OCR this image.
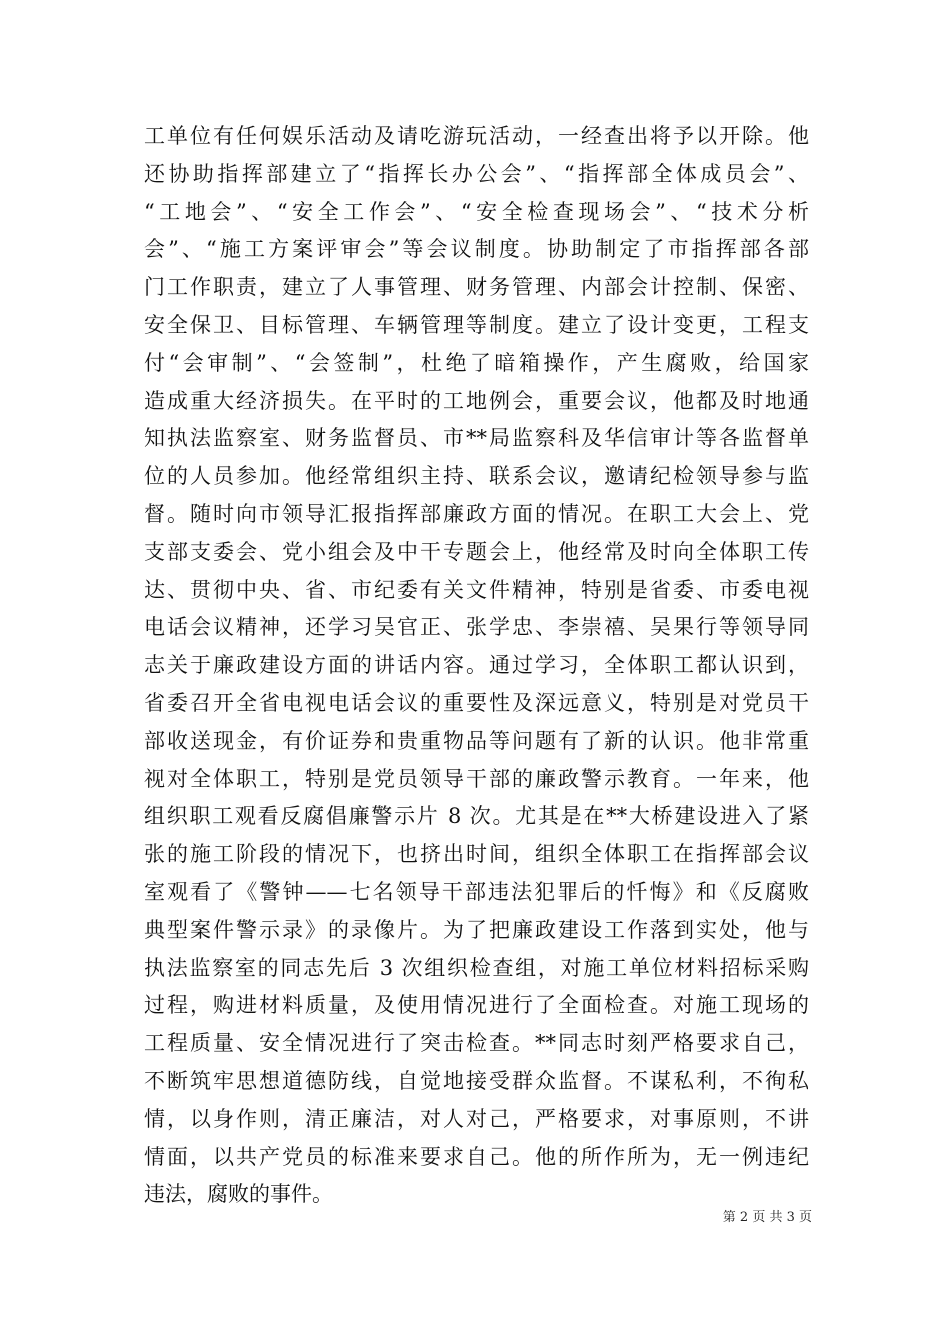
工单位有任何娱乐活动及请吃游玩活动，一经查出将予以开除。他
还协助指挥部建立了“指挥长办公会”、“指挥部全体成员会”、
“工地会”、“安全工作会”、“安全检查现场会”、“技术分析
会”、“施工方案评审会”等会议制度。协助制定了市指挥部各部
门工作职责，建立了人事管理、财务管理、内部会计控制、保密、
安全保卫、目标管理、车辆管理等制度。建立了设计变更，工程支
付“会审制”、“会签制”，杜绝了暗箱操作，产生腐败，给国家
造成重大经济损失。在平时的工地例会，重要会议，他都及时地通
知执法监察室、财务监督员、市**局监察科及华信审计等各监督单
位的人员参加。他经常组织主持、联系会议，邀请纪检领导参与监
督。随时向市领导汇报指挥部廉政方面的情况。在职工大会上、党
支部支委会、党小组会及中干专题会上，他经常及时向全体职工传
达、贯彻中央、省、市纪委有关文件精神，特别是省委、市委电视
电话会议精神，还学习吴官正、张学忠、李崇禧、吴果行等领导同
志关于廉政建设方面的讲话内容。通过学习，全体职工都认识到，
省委召开全省电视电话会议的重要性及深远意义，特别是对党员干
部收送现金，有价证券和贵重物品等问题有了新的认识。他非常重
视对全体职工，特别是党员领导干部的廉政警示教育。一年来，他
组织职工观看反腐倡廉警示片 8 次。尤其是在**大桥建设进入了紧
张的施工阶段的情况下，也挤出时间，组织全体职工在指挥部会议
室观看了《警钟——七名领导干部违法犯罪后的忏悔》和《反腐败
典型案件警示录》的录像片。为了把廉政建设工作落到实处，他与
执法监察室的同志先后 3 次组织检查组，对施工单位材料招标采购
过程，购进材料质量，及使用情况进行了全面检查。对施工现场的
工程质量、安全情况进行了突击检查。**同志时刻严格要求自己，
不断筑牢思想道德防线，自觉地接受群众监督。不谋私利，不徇私
情，以身作则，清正廉洁，对人对己，严格要求，对事原则，不讲
情面，以共产党员的标准来要求自己。他的所作所为，无一例违纪
违法，腐败的事件。
第 2 页 共 3 页
